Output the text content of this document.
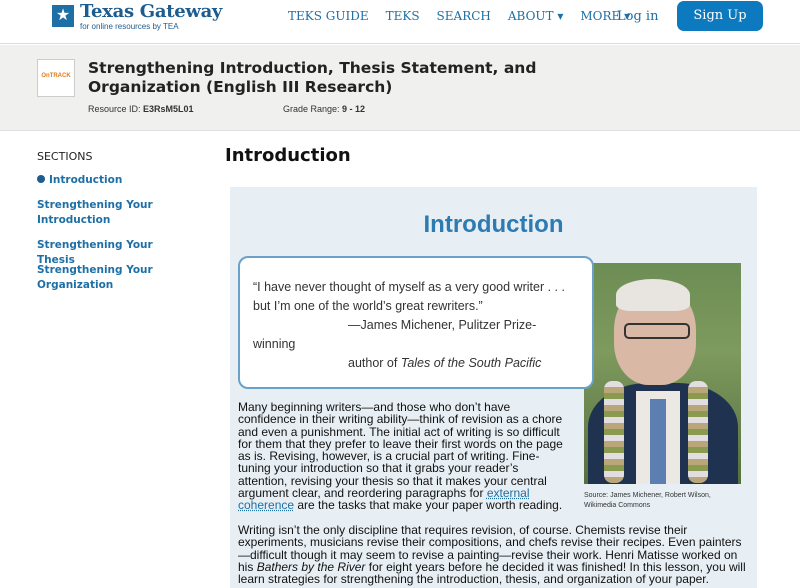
★ Texas Gateway
for online resources by TEA
TEKS GUIDE TEKS SEARCH ABOUT ▾ MORE ▾
Log in	Sign Up
OnTRACK Strengthening Introduction, Thesis Statement, and Organization (English III Research)
Resource ID: E3RsM5L01	Grade Range: 9 - 12
SECTIONS
Introduction
Strengthening Your Introduction
Strengthening Your Thesis
Strengthening Your Organization
Introduction
Introduction
“I have never thought of myself as a very good writer . . .
but I’m one of the world’s great rewriters.”
—James Michener, Pulitzer Prize-
winning
author of Tales of the South Pacific
Source: James Michener, Robert Wilson, Wikimedia Commons
Many beginning writers—and those who don’t have confidence in their writing ability—think of revision as a chore and even a punishment. The initial act of writing is so difficult for them that they prefer to leave their first words on the page as is. Revising, however, is a crucial part of writing. Fine-tuning your introduction so that it grabs your reader’s attention, revising your thesis so that it makes your central argument clear, and reordering paragraphs for external coherence are the tasks that make your paper worth reading.
Writing isn’t the only discipline that requires revision, of course. Chemists revise their experiments, musicians revise their compositions, and chefs revise their recipes. Even painters—difficult though it may seem to revise a painting—revise their work. Henri Matisse worked on his Bathers by the River for eight years before he decided it was finished! In this lesson, you will learn strategies for strengthening the introduction, thesis, and organization of your paper.
